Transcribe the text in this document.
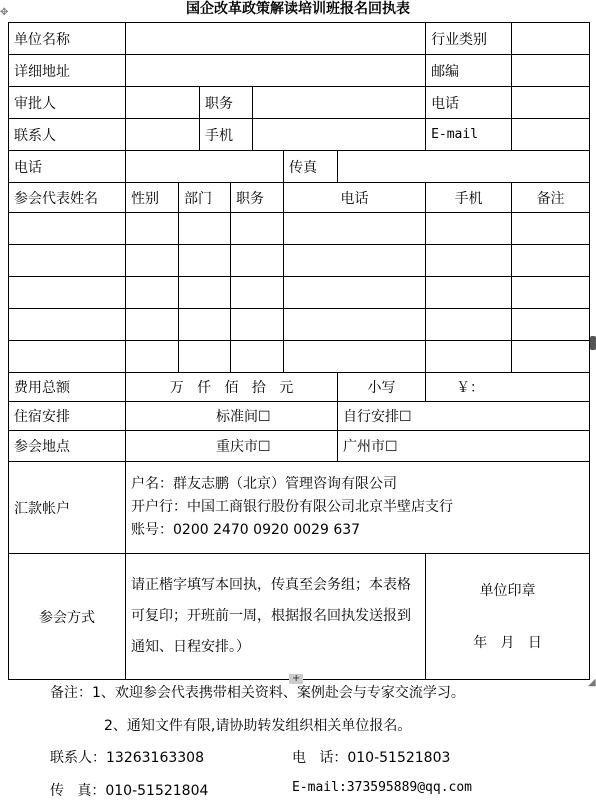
国企改革政策解读培训班报名回执表
单位名称								行业类别	
详细地址								邮编	
审批人			职务					电话	
联系人			手机					E-mail	
电话						传真			
参会代表姓名	性别	部门		职务		电话		手机	备注

费用总额	万   仟   佰   拾   元						小写	￥：	
住宿安排	标准间☐						自行安排☐		
参会地点	重庆市☐						广州市☐		
汇款帐户	户名：群友志鹏（北京）管理咨询有限公司
开户行：中国工商银行股份有限公司北京半壁店支行
账号：0200 2470 0920 0029 637								

参会方式	请正楷字填写本回执，传真至会务组；本表格可复印；开班前一周，根据报名回执发送报到通知、日程安排。）							单位印章
年   月   日	
备注：1、欢迎参会代表携带相关资料、案例赴会与专家交流学习。
2、通知文件有限,请协助转发组织相关单位报名。
联系人：13263163308	电   话：010-51521803
传   真：010-51521804	E-mail:373595889@qq.com
✥
+	◢
